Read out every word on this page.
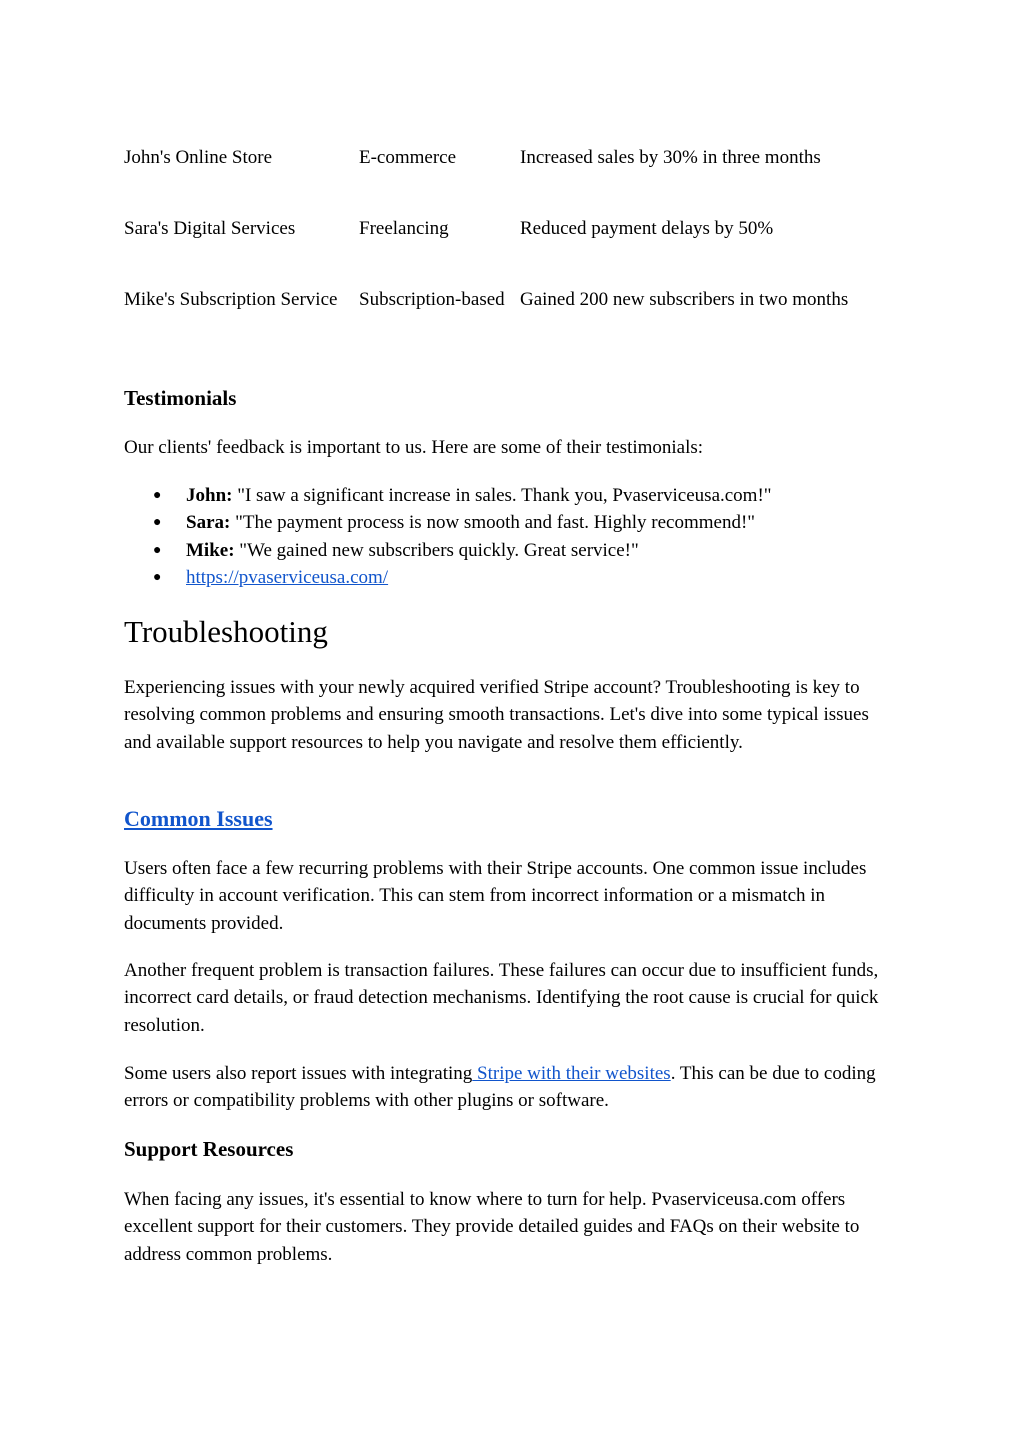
John's Online Store	E-commerce	Increased sales by 30% in three months
Sara's Digital Services	Freelancing	Reduced payment delays by 50%
Mike's Subscription Service	Subscription-based	Gained 200 new subscribers in two months
Testimonials

Our clients' feedback is important to us. Here are some of their testimonials:

● John: "I saw a significant increase in sales. Thank you, Pvaserviceusa.com!"
● Sara: "The payment process is now smooth and fast. Highly recommend!"
● Mike: "We gained new subscribers quickly. Great service!"
● https://pvaserviceusa.com/
Troubleshooting

Experiencing issues with your newly acquired verified Stripe account? Troubleshooting is key to resolving common problems and ensuring smooth transactions. Let's dive into some typical issues and available support resources to help you navigate and resolve them efficiently.

Common Issues

Users often face a few recurring problems with their Stripe accounts. One common issue includes difficulty in account verification. This can stem from incorrect information or a mismatch in documents provided.

Another frequent problem is transaction failures. These failures can occur due to insufficient funds, incorrect card details, or fraud detection mechanisms. Identifying the root cause is crucial for quick resolution.

Some users also report issues with integrating Stripe with their websites. This can be due to coding errors or compatibility problems with other plugins or software.

Support Resources

When facing any issues, it's essential to know where to turn for help. Pvaserviceusa.com offers excellent support for their customers. They provide detailed guides and FAQs on their website to address common problems.
